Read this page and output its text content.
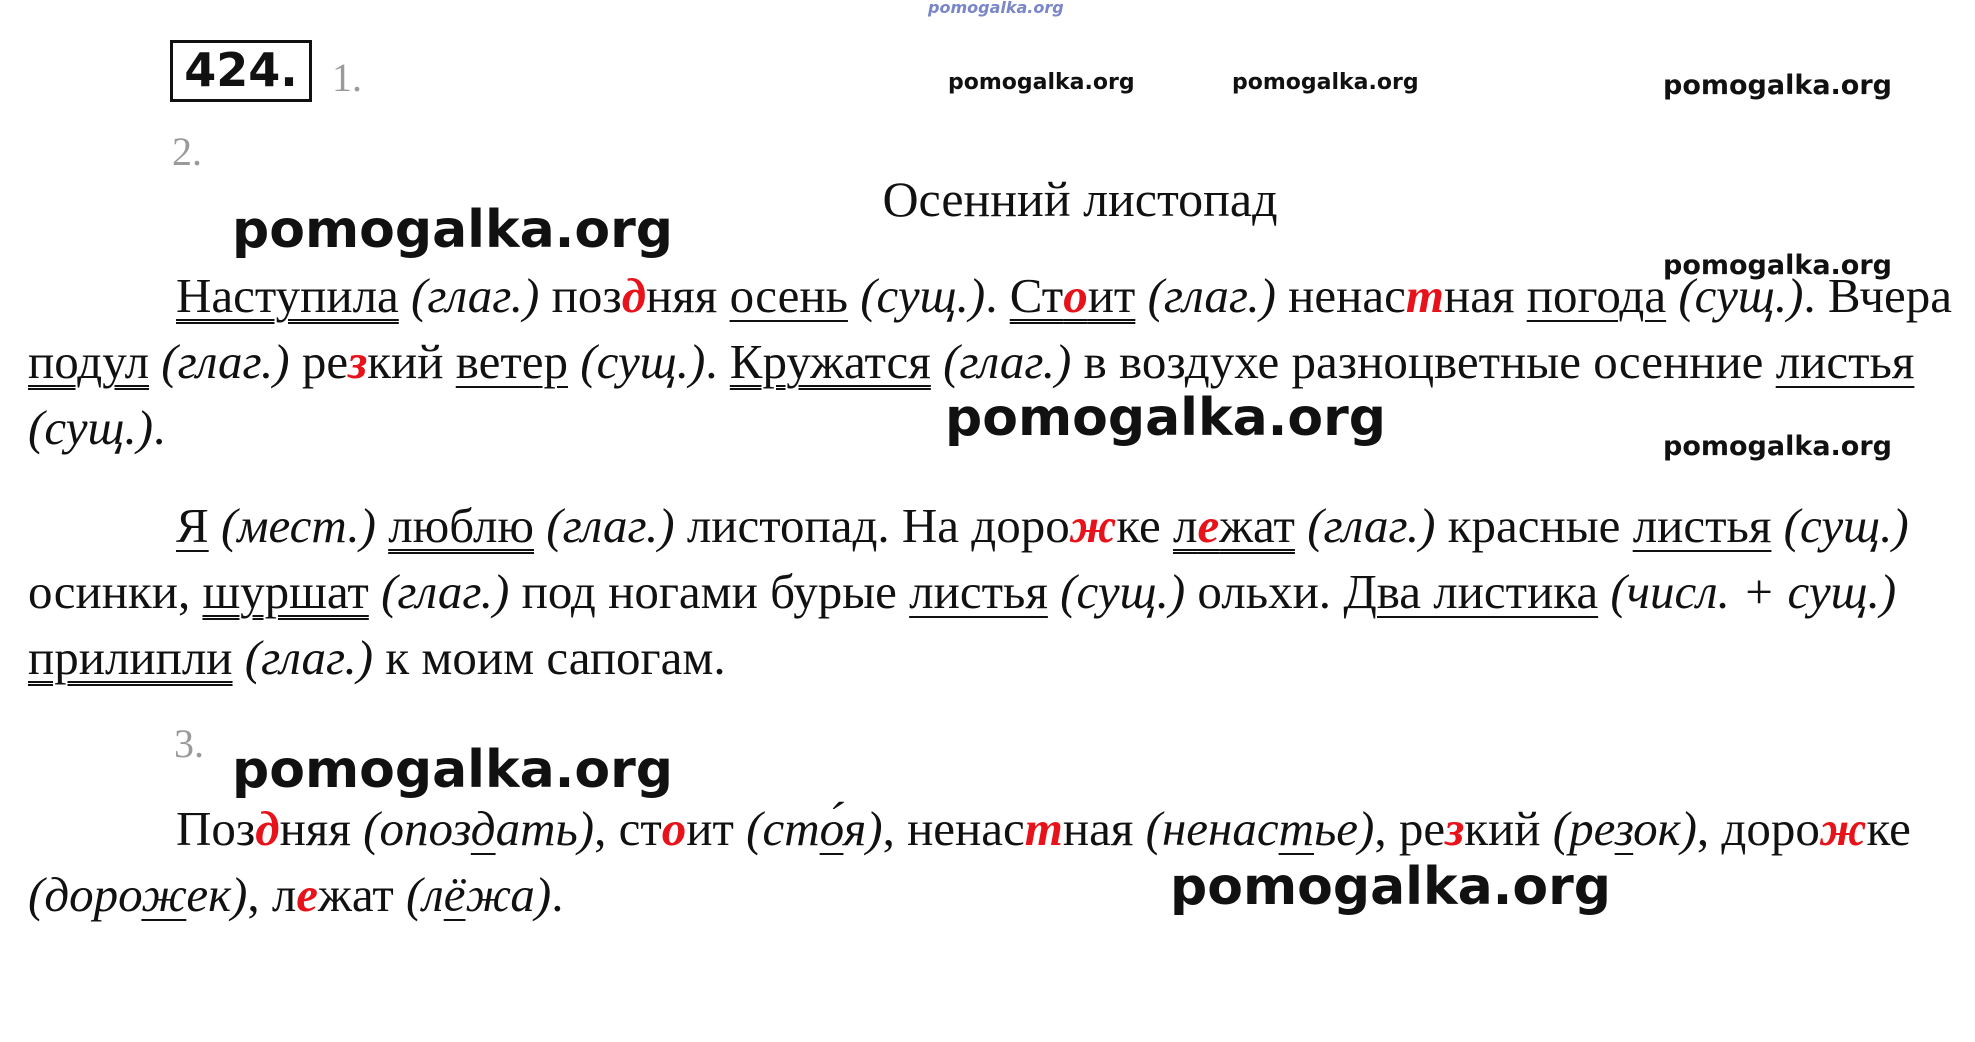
pomogalka.org
pomogalka.org	pomogalka.org	pomogalka.org
pomogalka.org
pomogalka.org
pomogalka.org
pomogalka.org
pomogalka.org
pomogalka.org
424. 1.
2.
3.
Осенний листопад
Наступила (глаг.) поздняя осень (сущ.). Стоит (глаг.) ненастная погода (сущ.). Вчера подул (глаг.) резкий ветер (сущ.). Кружатся (глаг.) в воздухе разноцветные осенние листья (сущ.).
Я (мест.) люблю (глаг.) листопад. На дорожке лежат (глаг.) красные листья (сущ.) осинки, шуршат (глаг.) под ногами бурые листья (сущ.) ольхи. Два листика (числ. + сущ.) прилипли (глаг.) к моим сапогам.
Поздняя (опоздать), стоит (сто́я), ненастная (ненастье), резкий (резок), дорожке (дорожек), лежат (лёжа).
